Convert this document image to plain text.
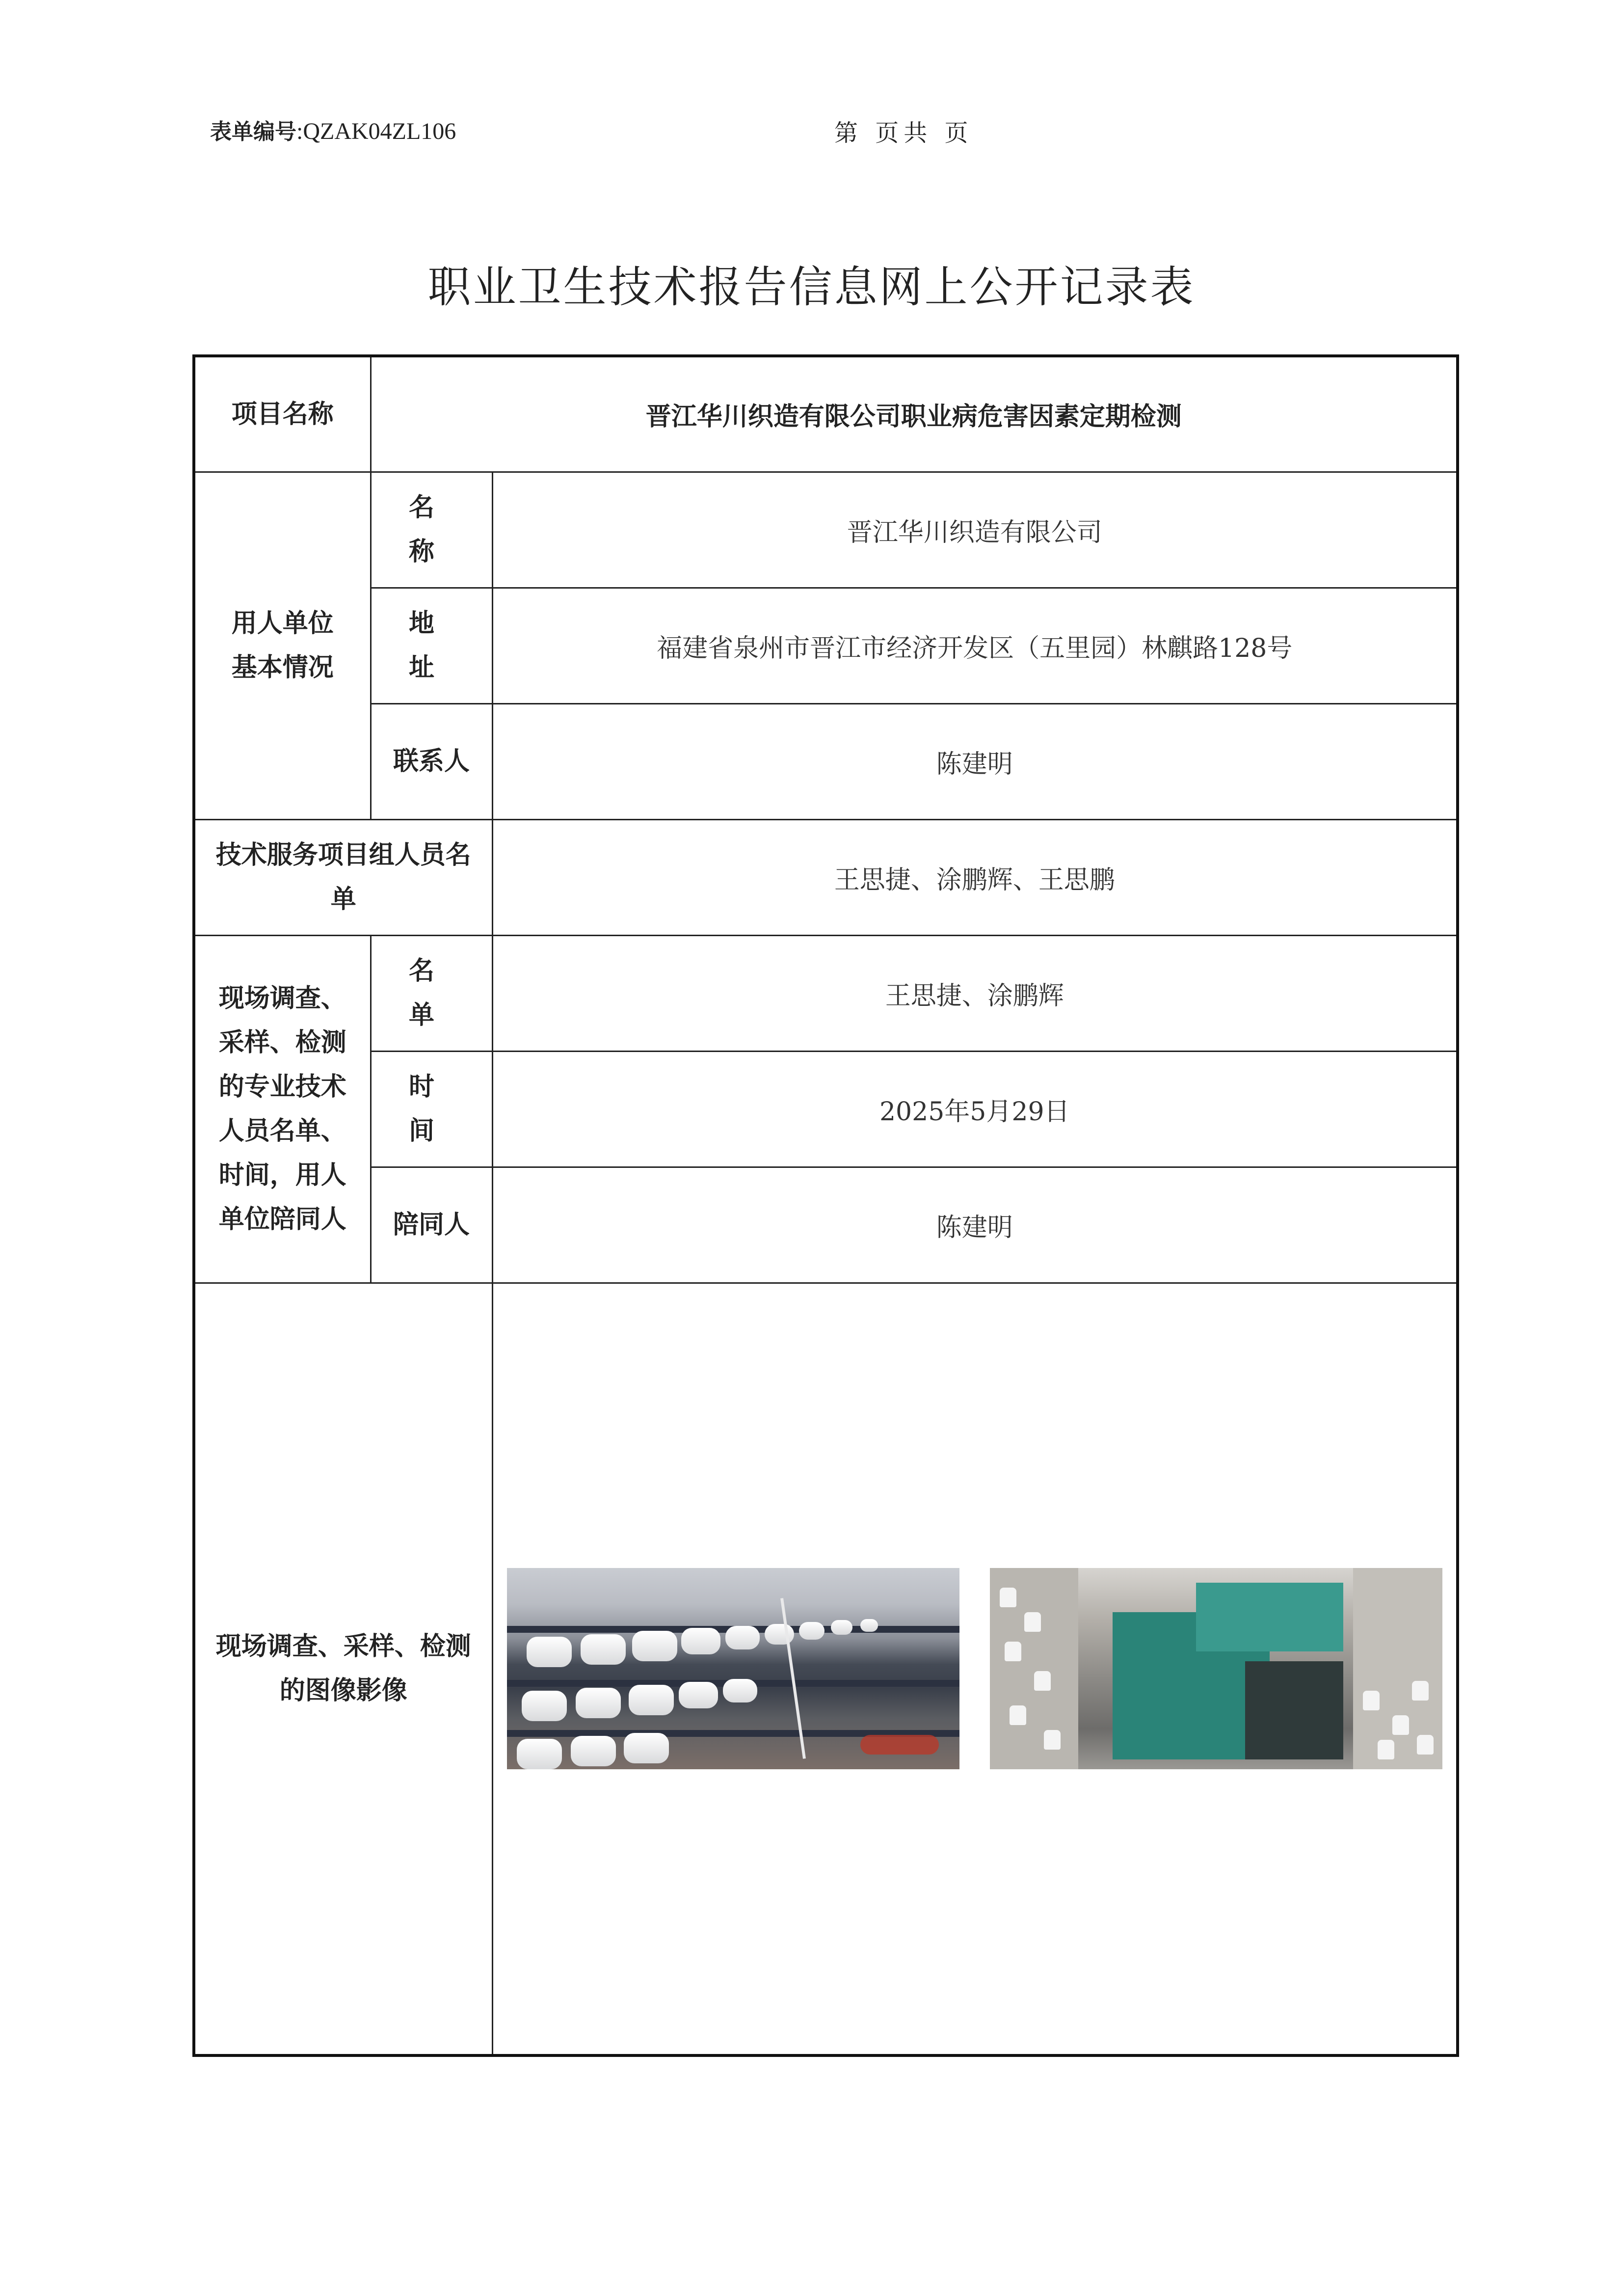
表单编号:QZAK04ZL106	第 页共 页
职业卫生技术报告信息网上公开记录表
项目名称	晋江华川织造有限公司职业病危害因素定期检测	
用人单位基本情况	名 称	晋江华川织造有限公司
	地 址	福建省泉州市晋江市经济开发区（五里园）林麒路128号
	联系人	陈建明
技术服务项目组人员名单		王思捷、涂鹏辉、王思鹏
现场调查、采样、检测的专业技术人员名单、时间，用人单位陪同人	名 单	王思捷、涂鹏辉
	时 间	2025年5月29日
	陪同人	陈建明
现场调查、采样、检测的图像影像		
